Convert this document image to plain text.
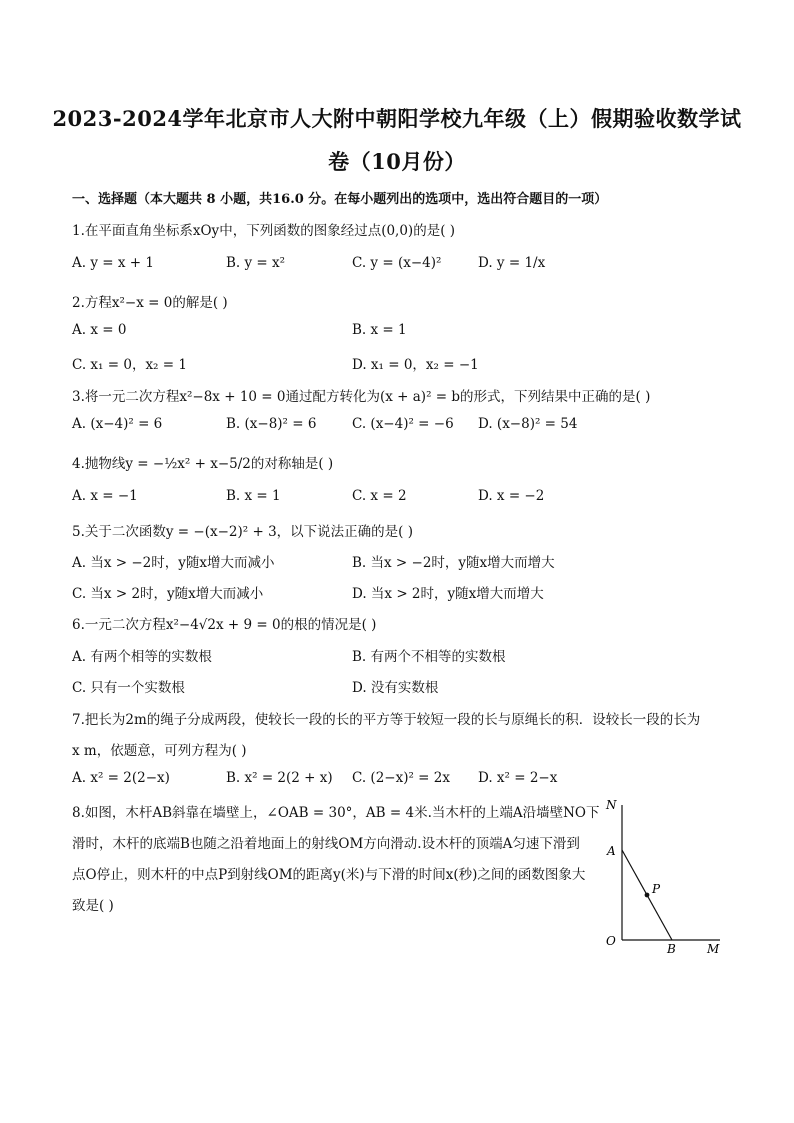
2023-2024学年北京市人大附中朝阳学校九年级（上）假期验收数学试
卷（10月份）
一、选择题（本大题共 8 小题，共16.0 分。在每小题列出的选项中，选出符合题目的一项）
1.在平面直角坐标系xOy中，下列函数的图象经过点(0,0)的是( )
A. y = x + 1	B. y = x²	C. y = (x−4)²	D. y = 1/x
2.方程x²−x = 0的解是( )
A. x = 0	B. x = 1
C. x₁ = 0，x₂ = 1	D. x₁ = 0，x₂ = −1
3.将一元二次方程x²−8x + 10 = 0通过配方转化为(x + a)² = b的形式，下列结果中正确的是( )
A. (x−4)² = 6	B. (x−8)² = 6	C. (x−4)² = −6 D. (x−8)² = 54
4.抛物线y = −½x² + x−5/2的对称轴是( )
A. x = −1	B. x = 1	C. x = 2	D. x = −2
5.关于二次函数y = −(x−2)² + 3，以下说法正确的是( )
A. 当x > −2时，y随x增大而减小	B. 当x > −2时，y随x增大而增大
C. 当x > 2时，y随x增大而减小	D. 当x > 2时，y随x增大而增大
6.一元二次方程x²−4√2x + 9 = 0的根的情况是( )
A. 有两个相等的实数根	B. 有两个不相等的实数根
C. 只有一个实数根	D. 没有实数根
7.把长为2m的绳子分成两段，使较长一段的长的平方等于较短一段的长与原绳长的积．设较长一段的长为
x m，依题意，可列方程为( )
A. x² = 2(2−x)	B. x² = 2(2 + x) C. (2−x)² = 2x D. x² = 2−x
8.如图，木杆AB斜靠在墙壁上，∠OAB = 30°，AB = 4米.当木杆的上端A沿墙壁NO下
滑时，木杆的底端B也随之沿着地面上的射线OM方向滑动.设木杆的顶端A匀速下滑到
点O停止，则木杆的中点P到射线OM的距离y(米)与下滑的时间x(秒)之间的函数图象大
致是( )
N
A
P
O
B	M
